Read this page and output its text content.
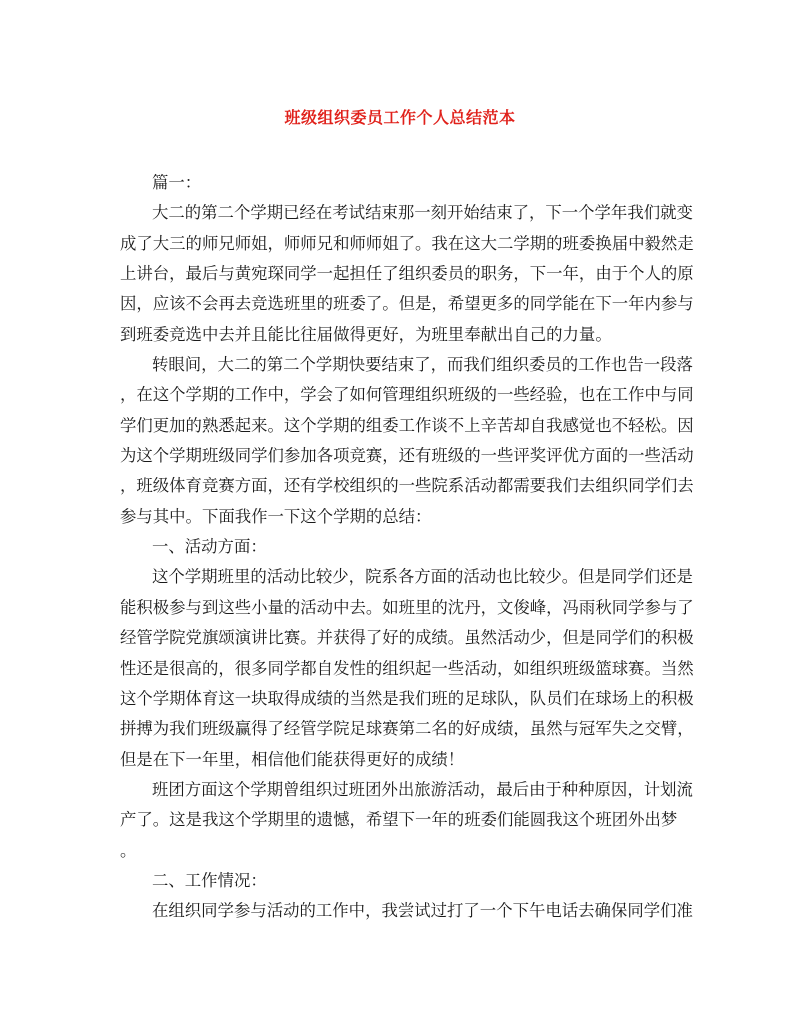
班级组织委员工作个人总结范本
篇一：
大二的第二个学期已经在考试结束那一刻开始结束了，下一个学年我们就变
成了大三的师兄师姐，师师兄和师师姐了。我在这大二学期的班委换届中毅然走
上讲台，最后与黄宛琛同学一起担任了组织委员的职务，下一年，由于个人的原
因，应该不会再去竞选班里的班委了。但是，希望更多的同学能在下一年内参与
到班委竞选中去并且能比往届做得更好，为班里奉献出自己的力量。
转眼间，大二的第二个学期快要结束了，而我们组织委员的工作也告一段落
，在这个学期的工作中，学会了如何管理组织班级的一些经验，也在工作中与同
学们更加的熟悉起来。这个学期的组委工作谈不上辛苦却自我感觉也不轻松。因
为这个学期班级同学们参加各项竞赛，还有班级的一些评奖评优方面的一些活动
，班级体育竞赛方面，还有学校组织的一些院系活动都需要我们去组织同学们去
参与其中。下面我作一下这个学期的总结：
一、活动方面：
这个学期班里的活动比较少，院系各方面的活动也比较少。但是同学们还是
能积极参与到这些小量的活动中去。如班里的沈丹，文俊峰，冯雨秋同学参与了
经管学院党旗颂演讲比赛。并获得了好的成绩。虽然活动少，但是同学们的积极
性还是很高的，很多同学都自发性的组织起一些活动，如组织班级篮球赛。当然
这个学期体育这一块取得成绩的当然是我们班的足球队，队员们在球场上的积极
拼搏为我们班级赢得了经管学院足球赛第二名的好成绩，虽然与冠军失之交臂，
但是在下一年里，相信他们能获得更好的成绩！
班团方面这个学期曾组织过班团外出旅游活动，最后由于种种原因，计划流
产了。这是我这个学期里的遗憾，希望下一年的班委们能圆我这个班团外出梦
。
二、工作情况：
在组织同学参与活动的工作中，我尝试过打了一个下午电话去确保同学们准
